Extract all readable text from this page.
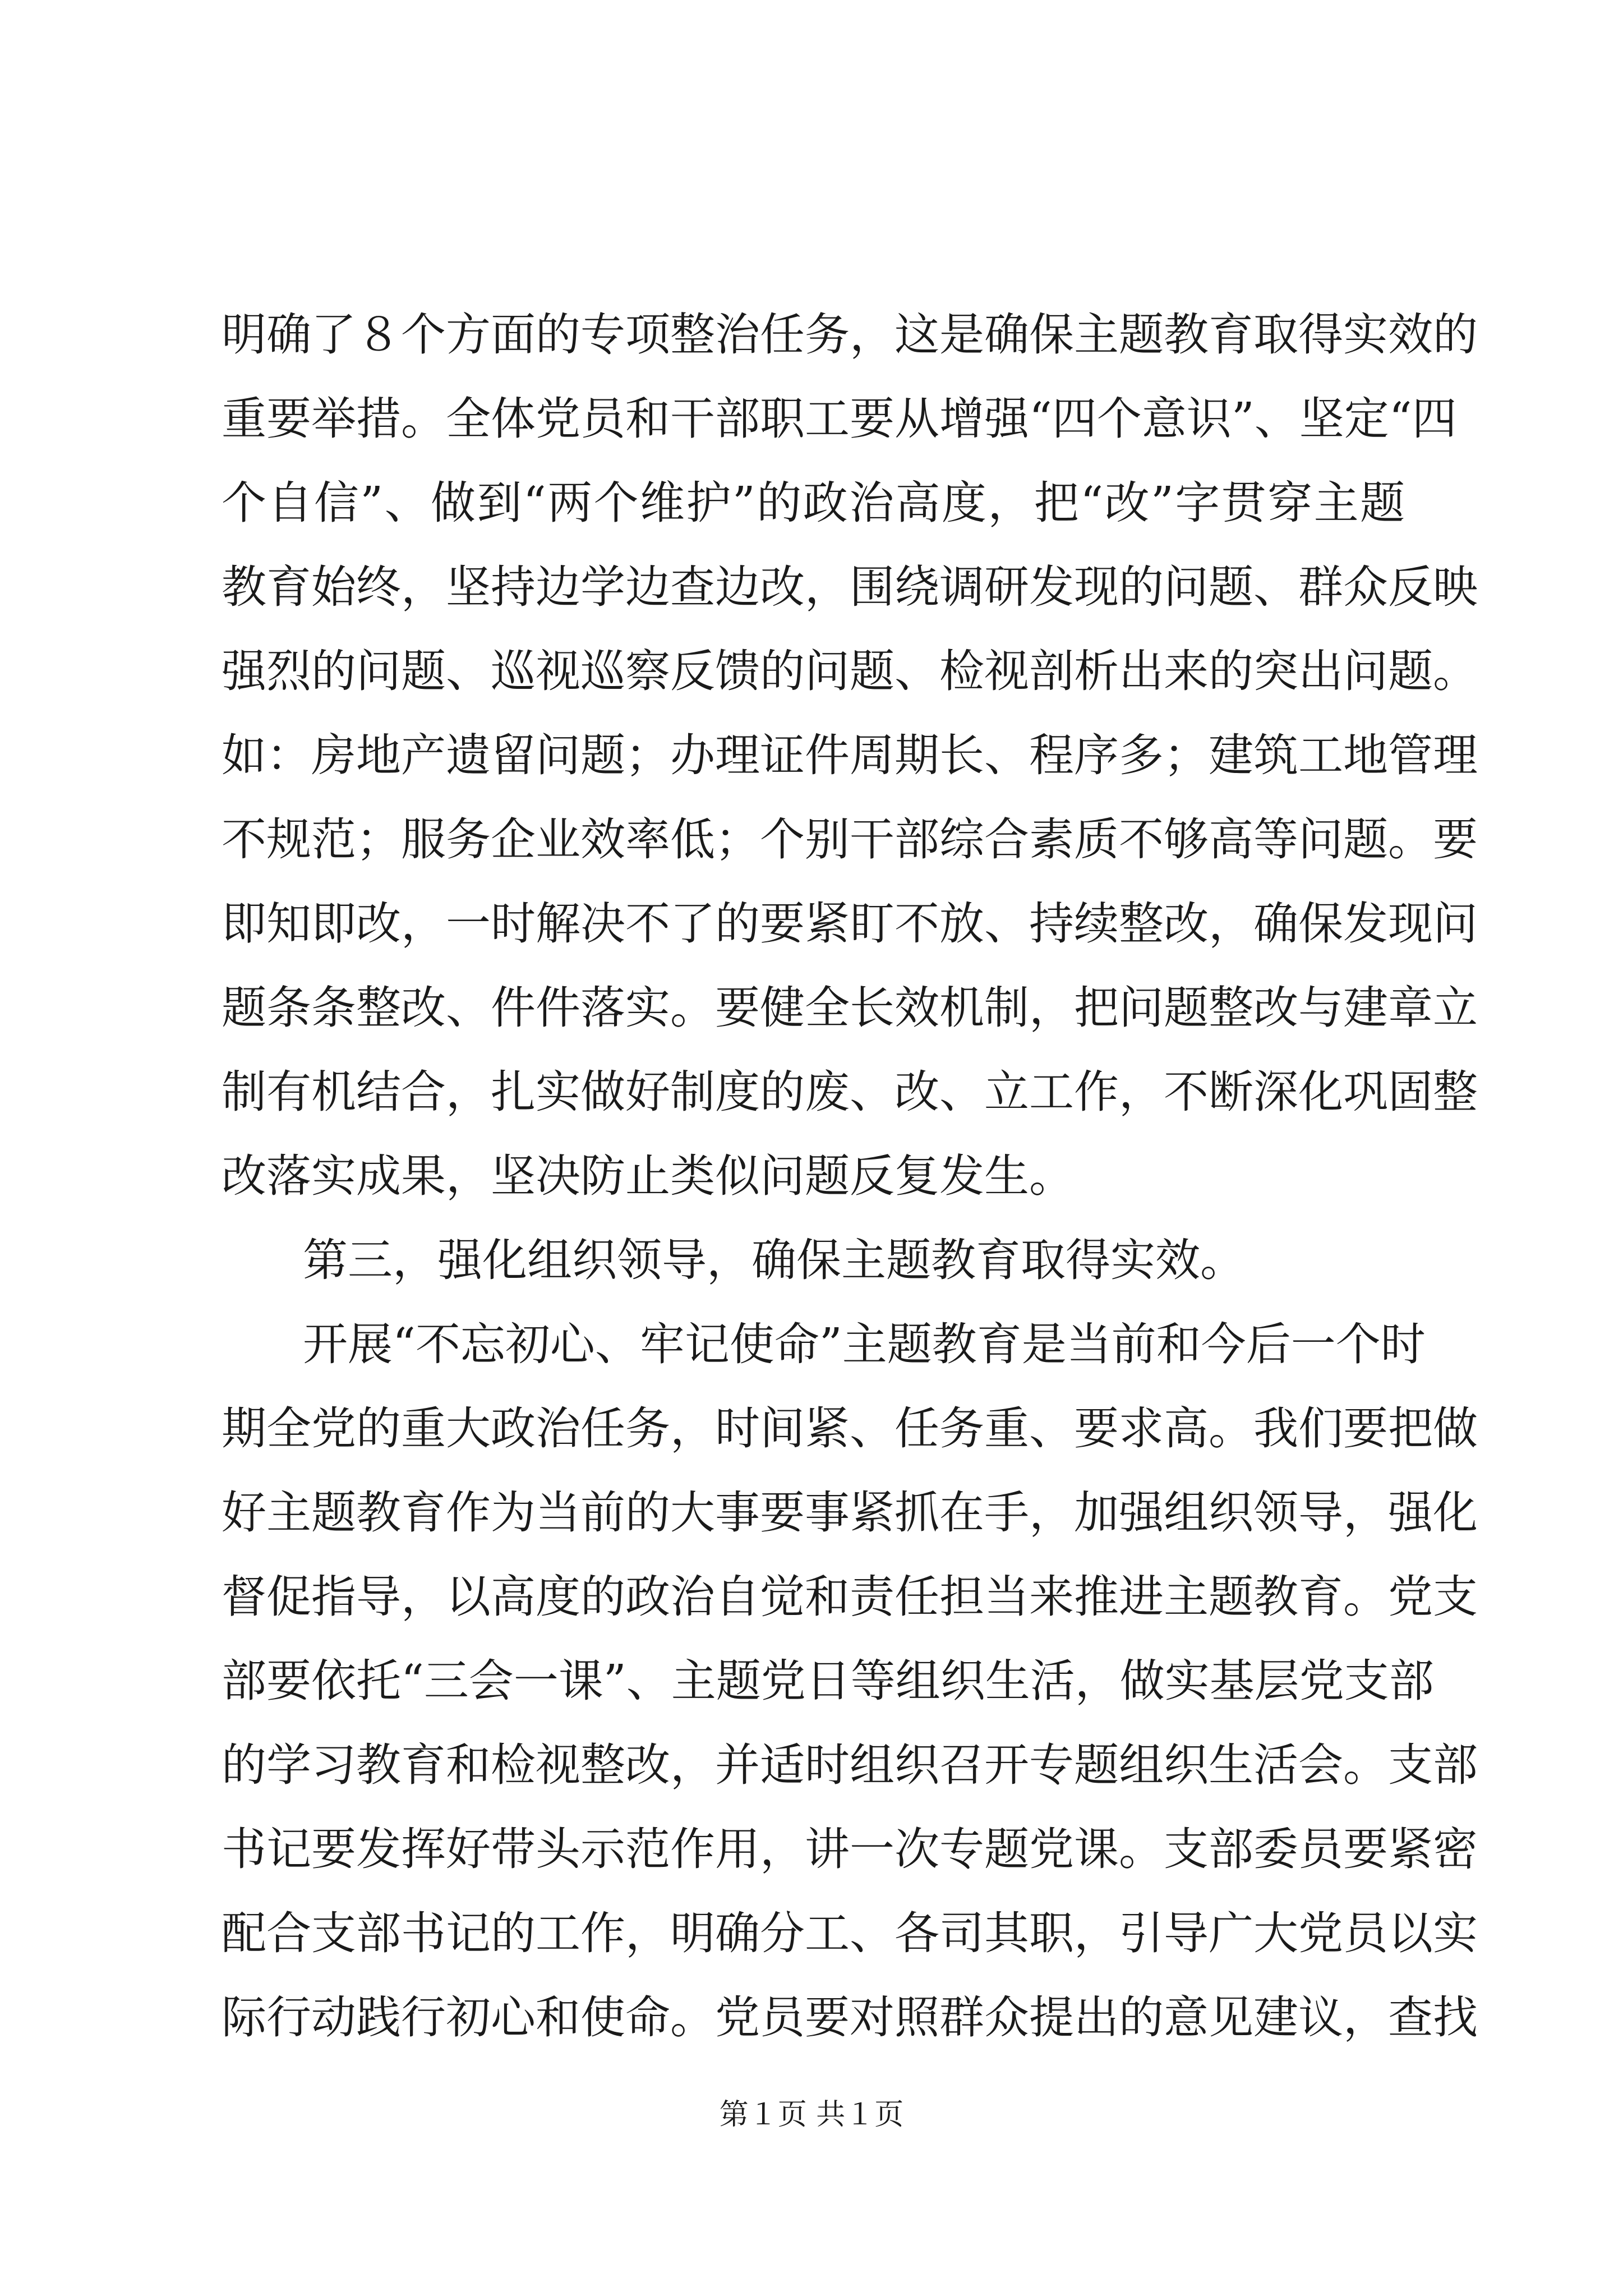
明确了８个方面的专项整治任务，这是确保主题教育取得实效的
重要举措。全体党员和干部职工要从增强“四个意识”、坚定“四
个自信”、做到“两个维护”的政治高度，把“改”字贯穿主题
教育始终，坚持边学边查边改，围绕调研发现的问题、群众反映
强烈的问题、巡视巡察反馈的问题、检视剖析出来的突出问题。
如：房地产遗留问题；办理证件周期长、程序多；建筑工地管理
不规范；服务企业效率低；个别干部综合素质不够高等问题。要
即知即改，一时解决不了的要紧盯不放、持续整改，确保发现问
题条条整改、件件落实。要健全长效机制，把问题整改与建章立
制有机结合，扎实做好制度的废、改、立工作，不断深化巩固整
改落实成果，坚决防止类似问题反复发生。
第三，强化组织领导，确保主题教育取得实效。
开展“不忘初心、牢记使命”主题教育是当前和今后一个时
期全党的重大政治任务，时间紧、任务重、要求高。我们要把做
好主题教育作为当前的大事要事紧抓在手，加强组织领导，强化
督促指导，以高度的政治自觉和责任担当来推进主题教育。党支
部要依托“三会一课”、主题党日等组织生活，做实基层党支部
的学习教育和检视整改，并适时组织召开专题组织生活会。支部
书记要发挥好带头示范作用，讲一次专题党课。支部委员要紧密
配合支部书记的工作，明确分工、各司其职，引导广大党员以实
际行动践行初心和使命。党员要对照群众提出的意见建议，查找
第１页 共１页
